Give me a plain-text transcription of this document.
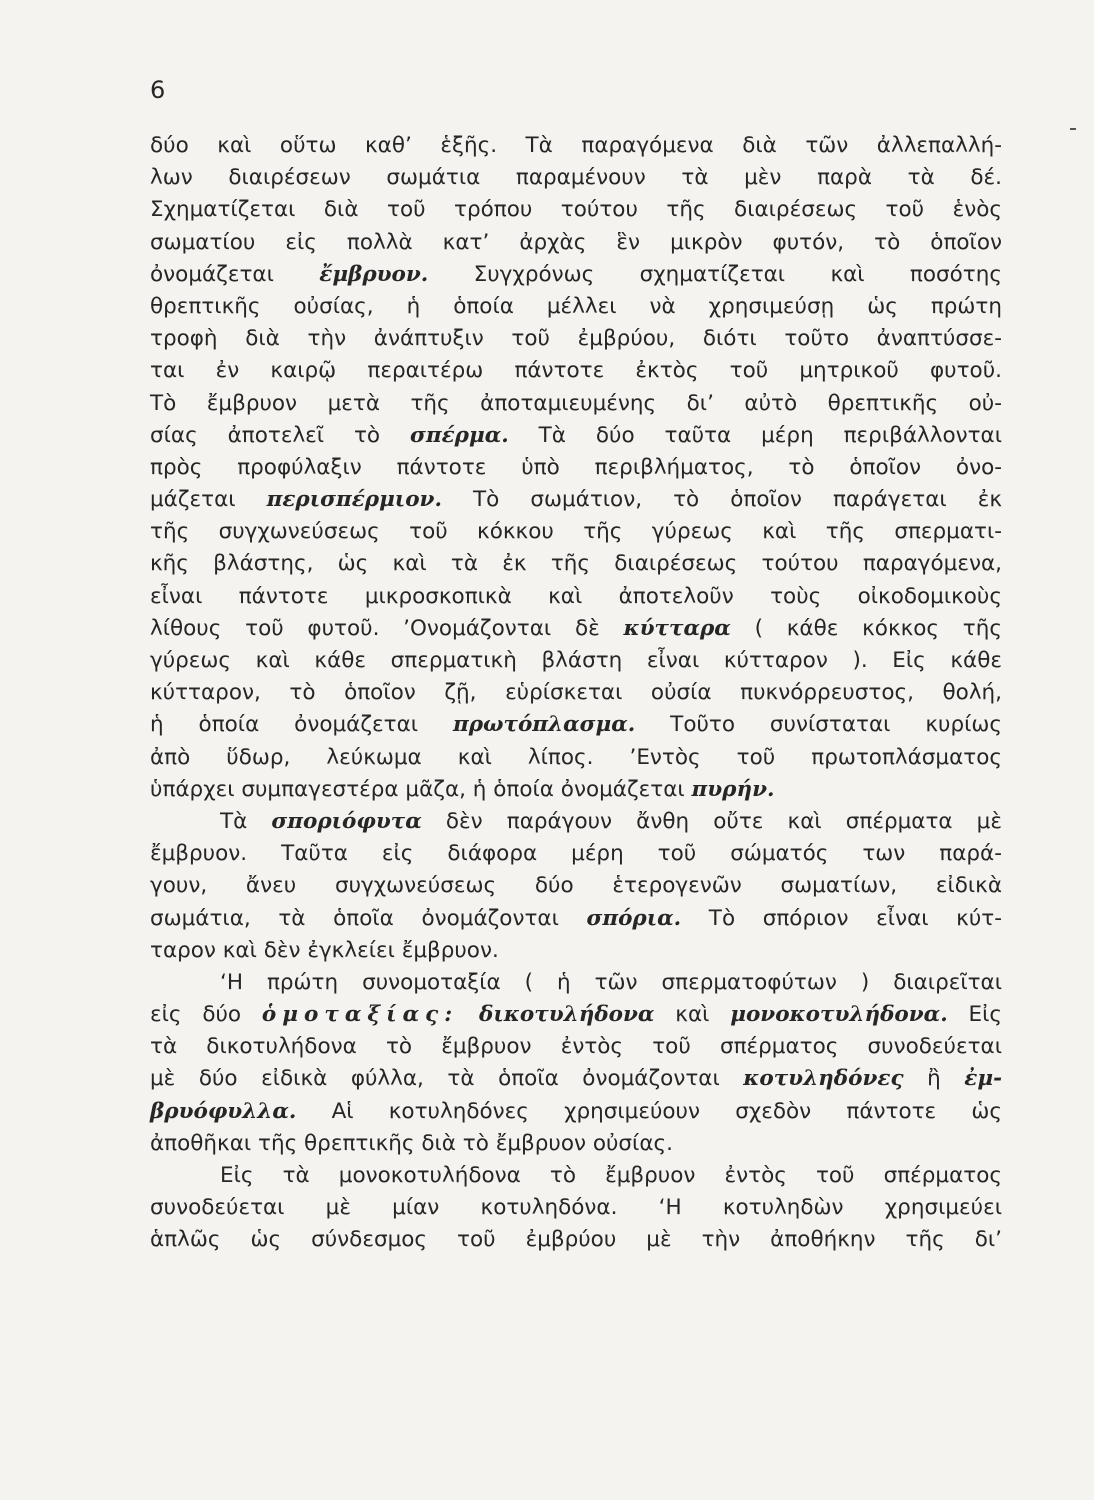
6
δύο καὶ οὕτω καθ’ ἑξῆς. Τὰ παραγόμενα διὰ τῶν ἀλλεπαλλή-
λων διαιρέσεων σωμάτια παραμένουν τὰ μὲν παρὰ τὰ δέ.
Σχηματίζεται διὰ τοῦ τρόπου τούτου τῆς διαιρέσεως τοῦ ἑνὸς
σωματίου εἰς πολλὰ κατ’ ἀρχὰς ἓν μικρὸν φυτόν, τὸ ὁποῖον
ὀνομάζεται ἔμβρυον. Συγχρόνως σχηματίζεται καὶ ποσότης
θρεπτικῆς οὐσίας, ἡ ὁποία μέλλει νὰ χρησιμεύσῃ ὡς πρώτη
τροφὴ διὰ τὴν ἀνάπτυξιν τοῦ ἐμβρύου, διότι τοῦτο ἀναπτύσσε-
ται ἐν καιρῷ περαιτέρω πάντοτε ἐκτὸς τοῦ μητρικοῦ φυτοῦ.
Τὸ ἔμβρυον μετὰ τῆς ἀποταμιευμένης δι’ αὐτὸ θρεπτικῆς οὐ-
σίας ἀποτελεῖ τὸ σπέρμα. Τὰ δύο ταῦτα μέρη περιβάλλονται
πρὸς προφύλαξιν πάντοτε ὑπὸ περιβλήματος, τὸ ὁποῖον ὀνο-
μάζεται περισπέρμιον. Τὸ σωμάτιον, τὸ ὁποῖον παράγεται ἐκ
τῆς συγχωνεύσεως τοῦ κόκκου τῆς γύρεως καὶ τῆς σπερματι-
κῆς βλάστης, ὡς καὶ τὰ ἐκ τῆς διαιρέσεως τούτου παραγόμενα,
εἶναι πάντοτε μικροσκοπικὰ καὶ ἀποτελοῦν τοὺς οἰκοδομικοὺς
λίθους τοῦ φυτοῦ. ’Ονομάζονται δὲ κύτταρα ( κάθε κόκκος τῆς
γύρεως καὶ κάθε σπερματικὴ βλάστη εἶναι κύτταρον ). Εἰς κάθε
κύτταρον, τὸ ὁποῖον ζῇ, εὑρίσκεται οὐσία πυκνόρρευστος, θολή,
ἡ ὁποία ὀνομάζεται πρωτόπλασμα. Τοῦτο συνίσταται κυρίως
ἀπὸ ὕδωρ, λεύκωμα καὶ λίπος. ’Εντὸς τοῦ πρωτοπλάσματος
ὑπάρχει συμπαγεστέρα μᾶζα, ἡ ὁποία ὀνομάζεται πυρήν.
Τὰ σποριόφυτα δὲν παράγουν ἄνθη οὔτε καὶ σπέρματα μὲ
ἔμβρυον. Ταῦτα εἰς διάφορα μέρη τοῦ σώματός των παρά-
γουν, ἄνευ συγχωνεύσεως δύο ἑτερογενῶν σωματίων, εἰδικὰ
σωμάτια, τὰ ὁποῖα ὀνομάζονται σπόρια. Τὸ σπόριον εἶναι κύτ-
ταρον καὶ δὲν ἐγκλείει ἔμβρυον.
‘Η πρώτη συνομοταξία ( ἡ τῶν σπερματοφύτων ) διαιρεῖται
εἰς δύο ὁμοταξίας: δικοτυλήδονα καὶ μονοκοτυλήδονα. Εἰς
τὰ δικοτυλήδονα τὸ ἔμβρυον ἐντὸς τοῦ σπέρματος συνοδεύεται
μὲ δύο εἰδικὰ φύλλα, τὰ ὁποῖα ὀνομάζονται κοτυληδόνες ἢ ἐμ-
βρυόφυλλα. Αἱ κοτυληδόνες χρησιμεύουν σχεδὸν πάντοτε ὡς
ἀποθῆκαι τῆς θρεπτικῆς διὰ τὸ ἔμβρυον οὐσίας.
Εἰς τὰ μονοκοτυλήδονα τὸ ἔμβρυον ἐντὸς τοῦ σπέρματος
συνοδεύεται μὲ μίαν κοτυληδόνα. ‘Η κοτυληδὼν χρησιμεύει
ἁπλῶς ὡς σύνδεσμος τοῦ ἐμβρύου μὲ τὴν ἀποθήκην τῆς δι’
